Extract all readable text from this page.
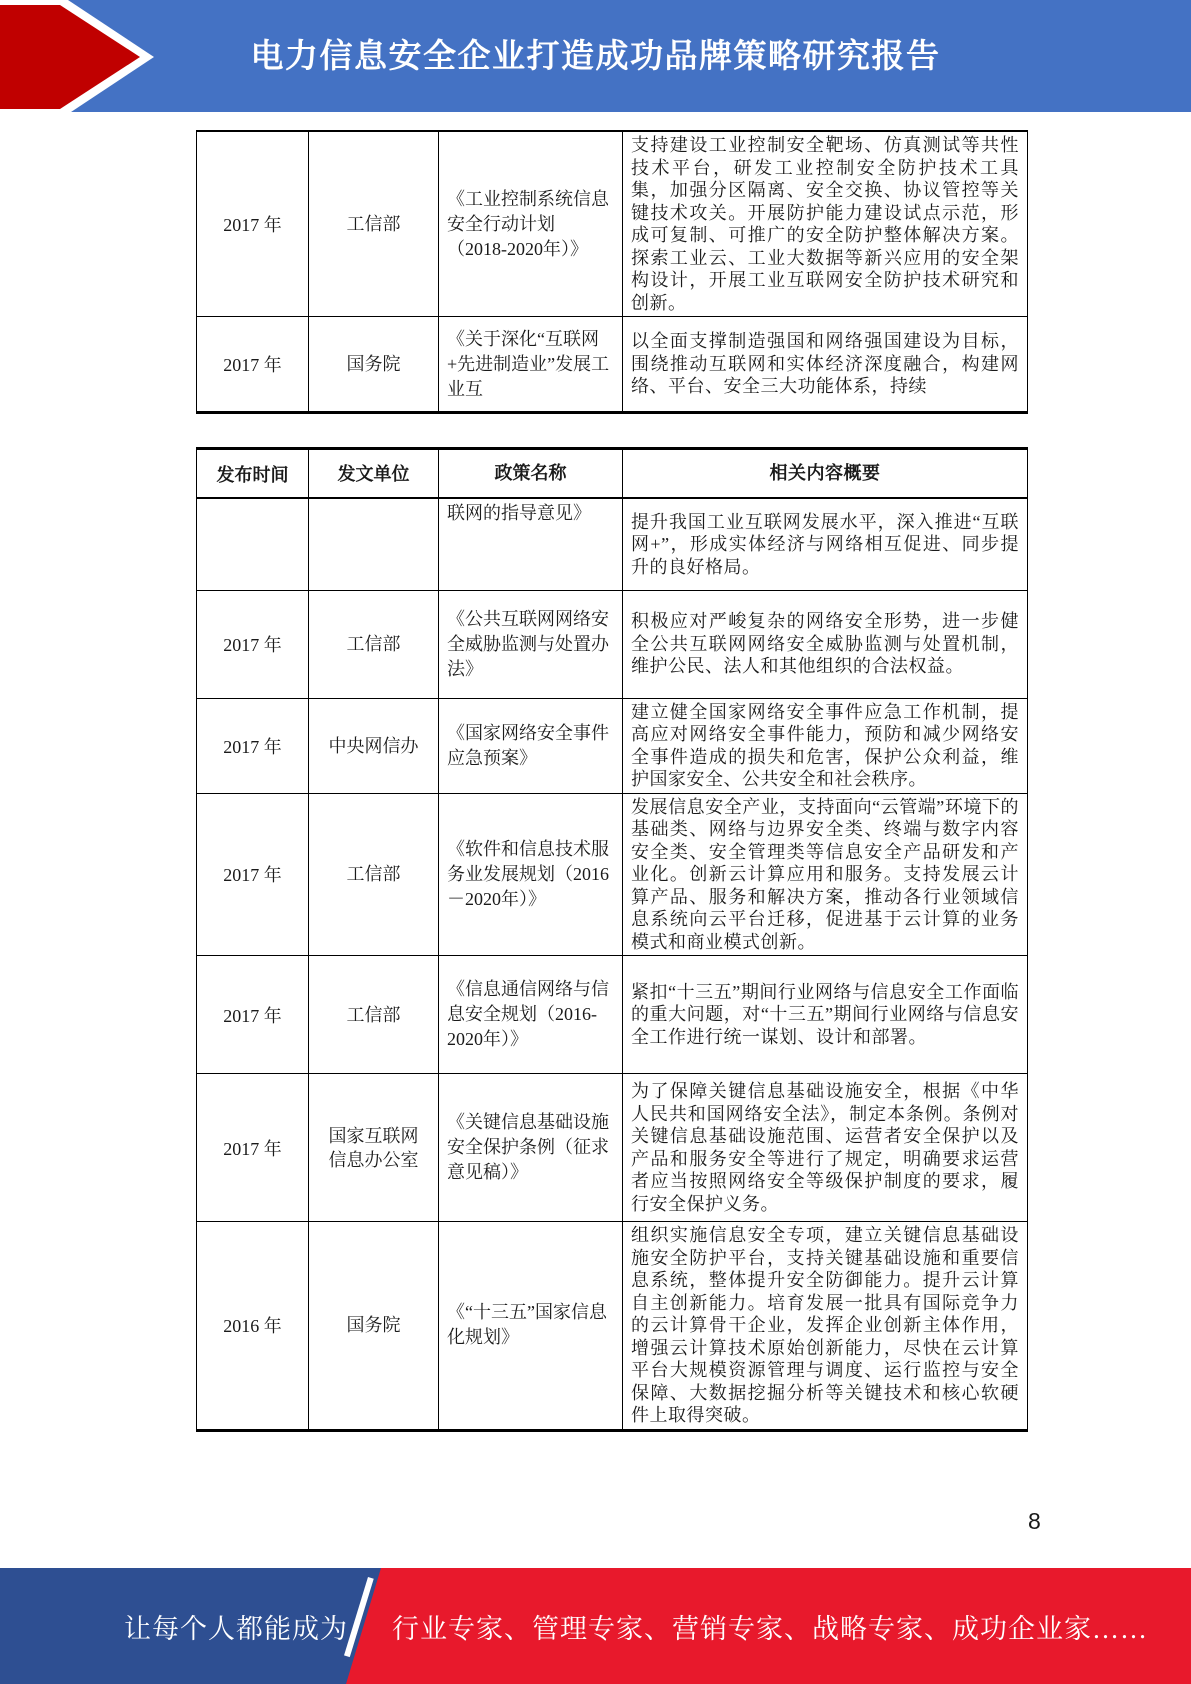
电力信息安全企业打造成功品牌策略研究报告
2017 年	工信部	《工业控制系统信息安全行动计划（2018-2020年）》	支持建设工业控制安全靶场、仿真测试等共性技术平台，研发工业控制安全防护技术工具集，加强分区隔离、安全交换、协议管控等关键技术攻关。开展防护能力建设试点示范，形成可复制、可推广的安全防护整体解决方案。探索工业云、工业大数据等新兴应用的安全架构设计，开展工业互联网安全防护技术研究和创新。
2017 年	国务院	《关于深化“互联网+先进制造业”发展工业互	以全面支撑制造强国和网络强国建设为目标，围绕推动互联网和实体经济深度融合，构建网络、平台、安全三大功能体系，持续
发布时间	发文单位	政策名称	相关内容概要
		联网的指导意见》	提升我国工业互联网发展水平，深入推进“互联网+”，形成实体经济与网络相互促进、同步提升的良好格局。
2017 年	工信部	《公共互联网网络安全威胁监测与处置办法》	积极应对严峻复杂的网络安全形势，进一步健全公共互联网网络安全威胁监测与处置机制，维护公民、法人和其他组织的合法权益。
2017 年	中央网信办	《国家网络安全事件应急预案》	建立健全国家网络安全事件应急工作机制，提高应对网络安全事件能力，预防和减少网络安全事件造成的损失和危害，保护公众利益，维护国家安全、公共安全和社会秩序。
2017 年	工信部	《软件和信息技术服务业发展规划（2016－2020年）》	发展信息安全产业，支持面向“云管端”环境下的基础类、网络与边界安全类、终端与数字内容安全类、安全管理类等信息安全产品研发和产业化。创新云计算应用和服务。支持发展云计算产品、服务和解决方案，推动各行业领域信息系统向云平台迁移，促进基于云计算的业务模式和商业模式创新。
2017 年	工信部	《信息通信网络与信息安全规划（2016-2020年）》	紧扣“十三五”期间行业网络与信息安全工作面临的重大问题，对“十三五”期间行业网络与信息安全工作进行统一谋划、设计和部署。
2017 年	国家互联网信息办公室	《关键信息基础设施安全保护条例（征求意见稿）》	为了保障关键信息基础设施安全，根据《中华人民共和国网络安全法》，制定本条例。条例对关键信息基础设施范围、运营者安全保护以及产品和服务安全等进行了规定，明确要求运营者应当按照网络安全等级保护制度的要求，履行安全保护义务。
2016 年	国务院	《“十三五”国家信息化规划》	组织实施信息安全专项，建立关键信息基础设施安全防护平台，支持关键基础设施和重要信息系统，整体提升安全防御能力。提升云计算自主创新能力。培育发展一批具有国际竞争力的云计算骨干企业，发挥企业创新主体作用，增强云计算技术原始创新能力，尽快在云计算平台大规模资源管理与调度、运行监控与安全保障、大数据挖掘分析等关键技术和核心软硬件上取得突破。
8
让每个人都能成为 行业专家、管理专家、营销专家、战略专家、成功企业家……
